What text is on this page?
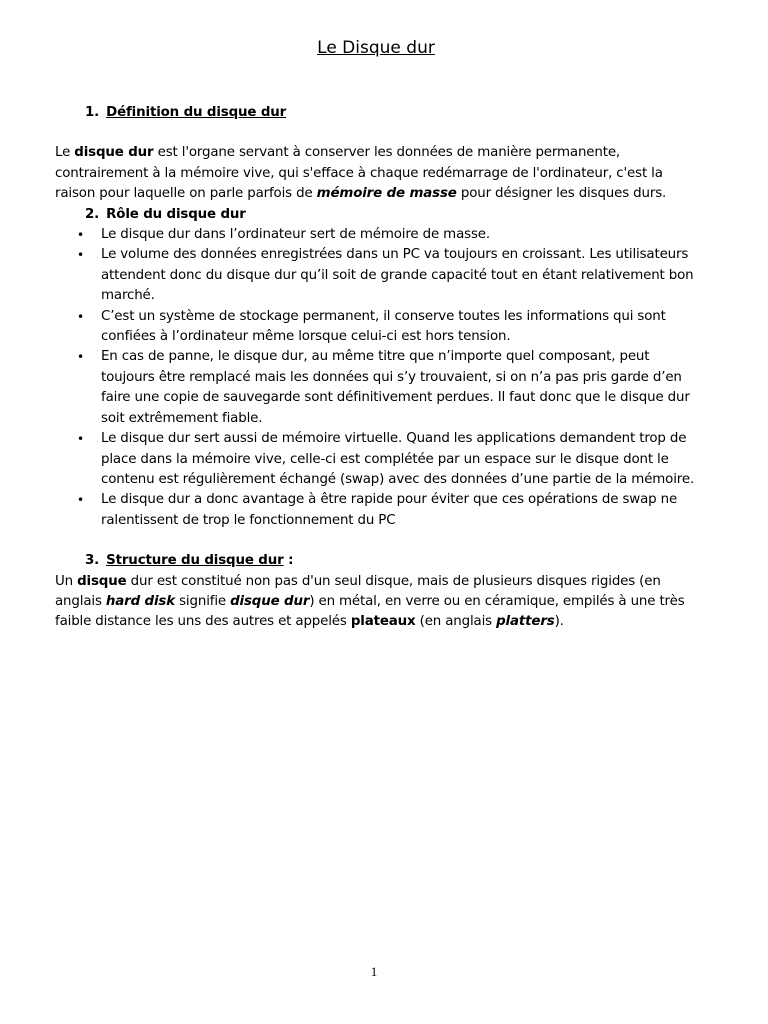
Le Disque dur
1. Définition du disque dur

Le disque dur est l'organe servant à conserver les données de manière permanente, contrairement à la mémoire vive, qui s'efface à chaque redémarrage de l'ordinateur, c'est la raison pour laquelle on parle parfois de mémoire de masse pour désigner les disques durs.

2. Rôle du disque dur
• Le disque dur dans l’ordinateur sert de mémoire de masse.
• Le volume des données enregistrées dans un PC va toujours en croissant. Les utilisateurs attendent donc du disque dur qu’il soit de grande capacité tout en étant relativement bon marché.
• C’est un système de stockage permanent, il conserve toutes les informations qui sont confiées à l’ordinateur même lorsque celui-ci est hors tension.
• En cas de panne, le disque dur, au même titre que n’importe quel composant, peut toujours être remplacé mais les données qui s’y trouvaient, si on n’a pas pris garde d’en faire une copie de sauvegarde sont définitivement perdues. Il faut donc que le disque dur soit extrêmement fiable.
• Le disque dur sert aussi de mémoire virtuelle. Quand les applications demandent trop de place dans la mémoire vive, celle-ci est complétée par un espace sur le disque dont le contenu est régulièrement échangé (swap) avec des données d’une partie de la mémoire.
• Le disque dur a donc avantage à être rapide pour éviter que ces opérations de swap ne ralentissent de trop le fonctionnement du PC
3. Structure du disque dur :

Un disque dur est constitué non pas d'un seul disque, mais de plusieurs disques rigides (en anglais hard disk signifie disque dur) en métal, en verre ou en céramique, empilés à une très faible distance les uns des autres et appelés plateaux (en anglais platters).

1
